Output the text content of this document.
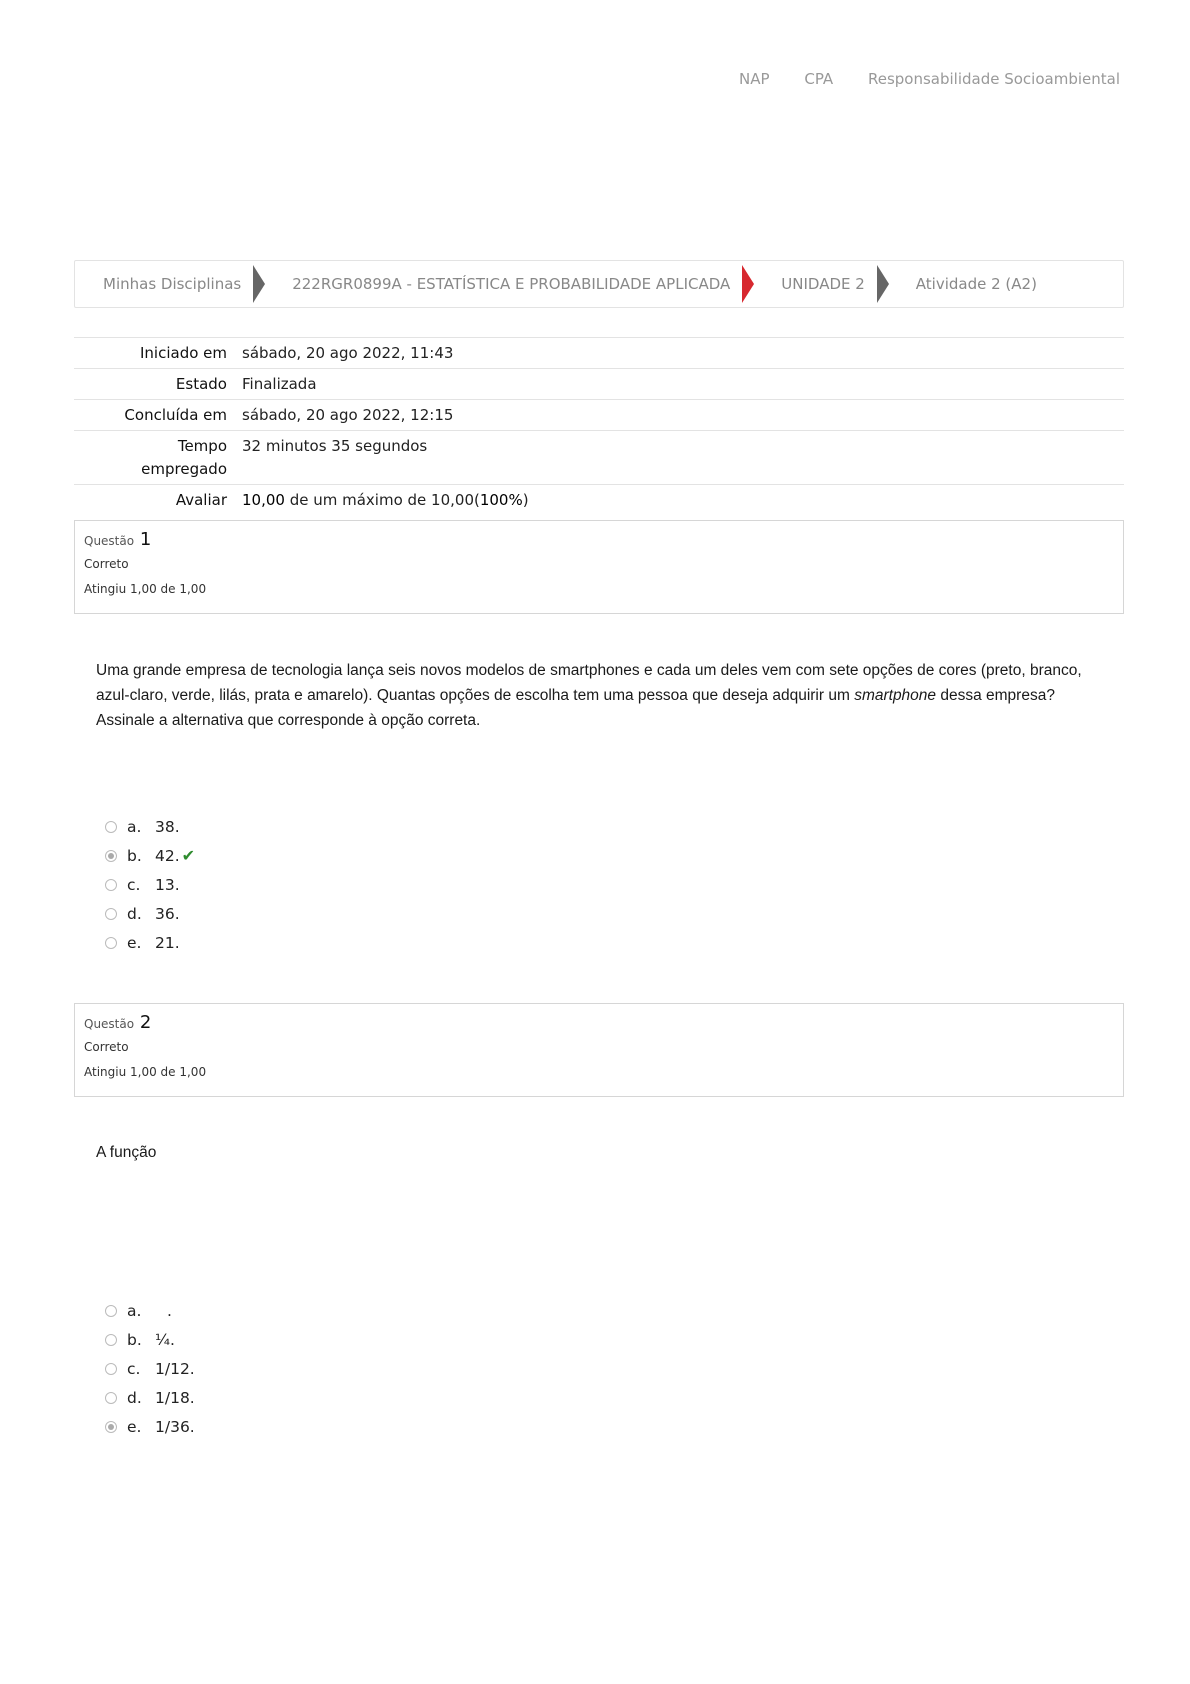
NAP CPA Responsabilidade Socioambiental
Minhas Disciplinas	222RGR0899A - ESTATÍSTICA E PROBABILIDADE APLICADA	UNIDADE 2	Atividade 2 (A2)
Iniciado em	sábado, 20 ago 2022, 11:43
Estado	Finalizada
Concluída em	sábado, 20 ago 2022, 12:15
Tempo
empregado	32 minutos 35 segundos
Avaliar	10,00 de um máximo de 10,00(100%)
Questão 1
Correto
Atingiu 1,00 de 1,00
Uma grande empresa de tecnologia lança seis novos modelos de smartphones e cada um deles vem com sete opções de cores (preto, branco, azul-claro, verde, lilás, prata e amarelo). Quantas opções de escolha tem uma pessoa que deseja adquirir um smartphone dessa empresa?
Assinale a alternativa que corresponde à opção correta.
a. 38.
b. 42. ✔
c. 13.
d. 36.
e. 21.
Questão 2
Correto
Atingiu 1,00 de 1,00
A função
a.	.
b. ¼.
c. 1/12.
d. 1/18.
e. 1/36.
